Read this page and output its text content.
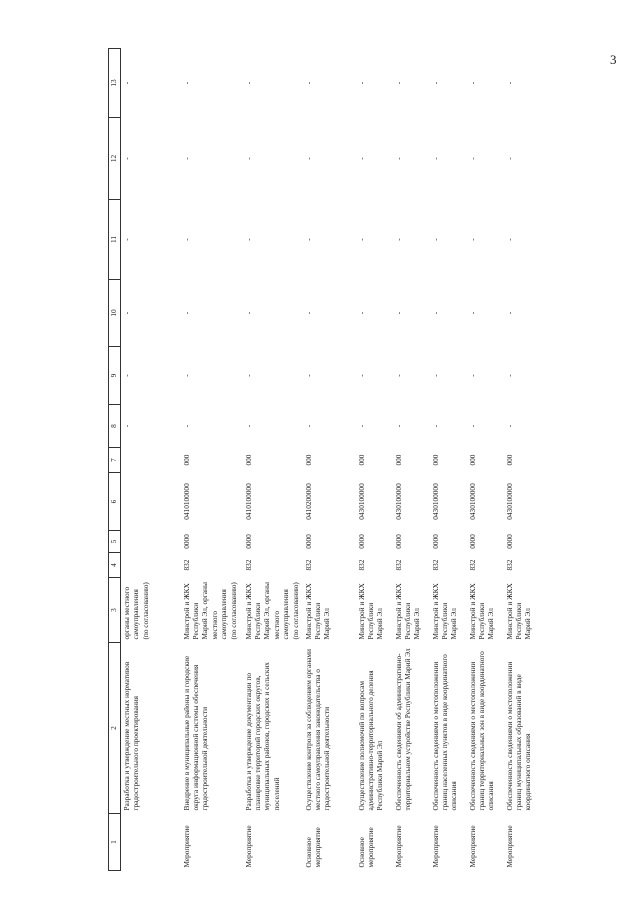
3
1	2	3	4	5	6	7	8	9	10	11	12	13
	Разработка и утверждение местных нормативов градостроительного проектирования	органы местного самоуправления (по согласованию)					-	-	-	-	-	-
Мероприятие	Внедрение в муниципальные районы и городские округа информационной системы обеспечения градостроительной деятельности	Минстрой и ЖКХ Республики Марий Эл, органы местного самоуправления (по согласованию)	832	0000	0410100000	000	-	-	-	-	-	-
Мероприятие	Разработка и утверждение документации по планировке территорий городских округов, муниципальных районов, городских и сельских поселений	Минстрой и ЖКХ Республики Марий Эл, органы местного самоуправления (по согласованию)	832	0000	0410100000	000	-	-	-	-	-	-
Основное мероприятие	Осуществление контроля за соблюдением органами местного самоуправления законодательства о градостроительной деятельности	Минстрой и ЖКХ Республики Марий Эл	832	0000	0410200000	000	-	-	-	-	-	-
Основное мероприятие	Осуществление полномочий по вопросам административно-территориального деления Республики Марий Эл	Минстрой и ЖКХ Республики Марий Эл	832	0000	0430100000	000	-	-	-	-	-	-
Мероприятие	Обеспеченность сведениями об административно-территориальном устройстве Республики Марий Эл	Минстрой и ЖКХ Республики Марий Эл	832	0000	0430100000	000	-	-	-	-	-	-
Мероприятие	Обеспеченность сведениями о местоположении границ населенных пунктов в виде координатного описания	Минстрой и ЖКХ Республики Марий Эл	832	0000	0430100000	000	-	-	-	-	-	-
Мероприятие	Обеспеченность сведениями о местоположении границ территориальных зон в виде координатного описания	Минстрой и ЖКХ Республики Марий Эл	832	0000	0430100000	000	-	-	-	-	-	-
Мероприятие	Обеспеченность сведениями о местоположении границ муниципальных образований в виде координатного описания	Минстрой и ЖКХ Республики Марий Эл	832	0000	0430100000	000	-	-	-	-	-	-
